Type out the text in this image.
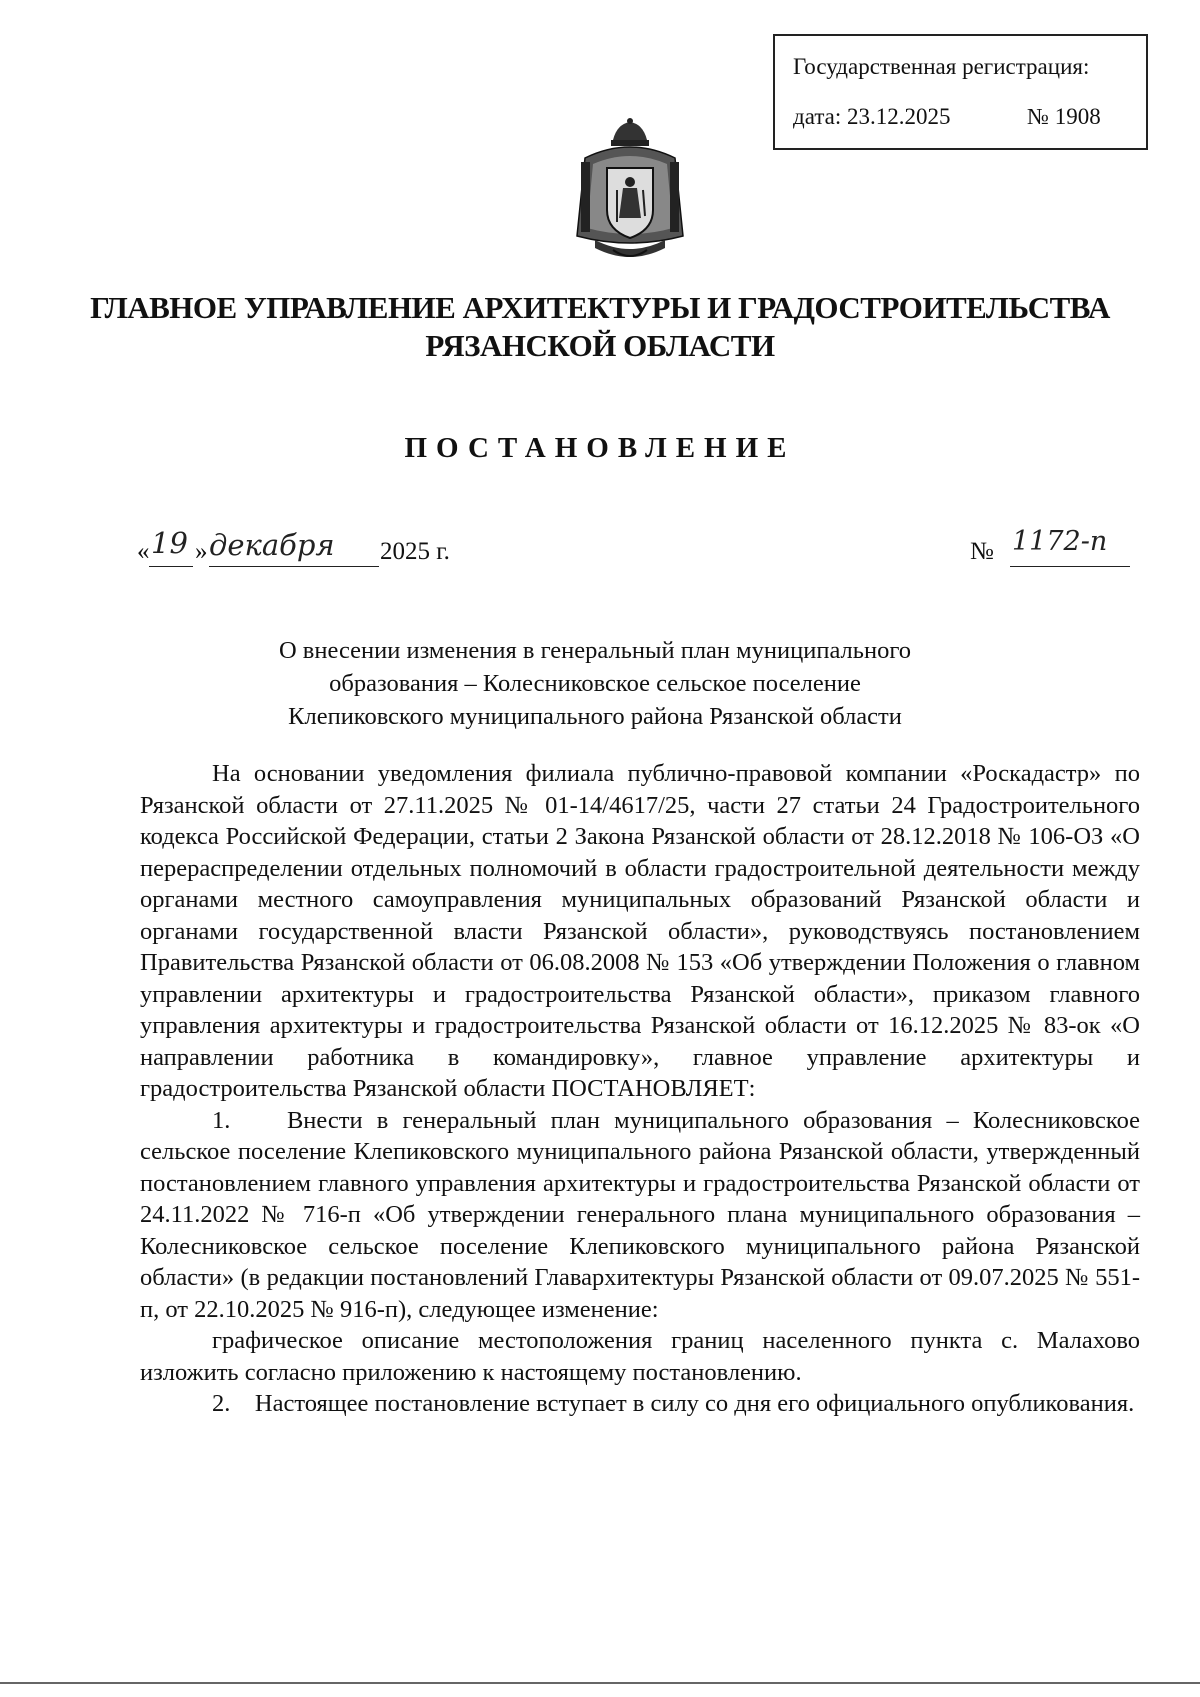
Государственная регистрация:
дата: 23.12.2025	№ 1908
ГЛАВНОЕ УПРАВЛЕНИЕ АРХИТЕКТУРЫ И ГРАДОСТРОИТЕЛЬСТВА
РЯЗАНСКОЙ ОБЛАСТИ
ПОСТАНОВЛЕНИЕ
« 19 » декабря 2025 г.	№ 1172-п
О внесении изменения в генеральный план муниципального
образования – Колесниковское сельское поселение
Клепиковского муниципального района Рязанской области

На основании уведомления филиала публично-правовой компании «Роскадастр» по Рязанской области от 27.11.2025 № 01-14/4617/25, части 27 статьи 24 Градостроительного кодекса Российской Федерации, статьи 2 Закона Рязанской области от 28.12.2018 № 106-ОЗ «О перераспределении отдельных полномочий в области градостроительной деятельности между органами местного самоуправления муниципальных образований Рязанской области и органами государственной власти Рязанской области», руководствуясь постановлением Правительства Рязанской области от 06.08.2008 № 153 «Об утверждении Положения о главном управлении архитектуры и градостроительства Рязанской области», приказом главного управления архитектуры и градостроительства Рязанской области от 16.12.2025 № 83-ок «О направлении работника в командировку», главное управление архитектуры и градостроительства Рязанской области ПОСТАНОВЛЯЕТ:

1.    Внести в генеральный план муниципального образования – Колесниковское сельское поселение Клепиковского муниципального района Рязанской области, утвержденный постановлением главного управления архитектуры и градостроительства Рязанской области от 24.11.2022 № 716-п «Об утверждении генерального плана муниципального образования – Колесниковское сельское поселение Клепиковского муниципального района Рязанской области» (в редакции постановлений Главархитектуры Рязанской области от 09.07.2025 № 551-п, от 22.10.2025 № 916-п), следующее изменение:

графическое описание местоположения границ населенного пункта с. Малахово изложить согласно приложению к настоящему постановлению.

2.    Настоящее постановление вступает в силу со дня его официального опубликования.
